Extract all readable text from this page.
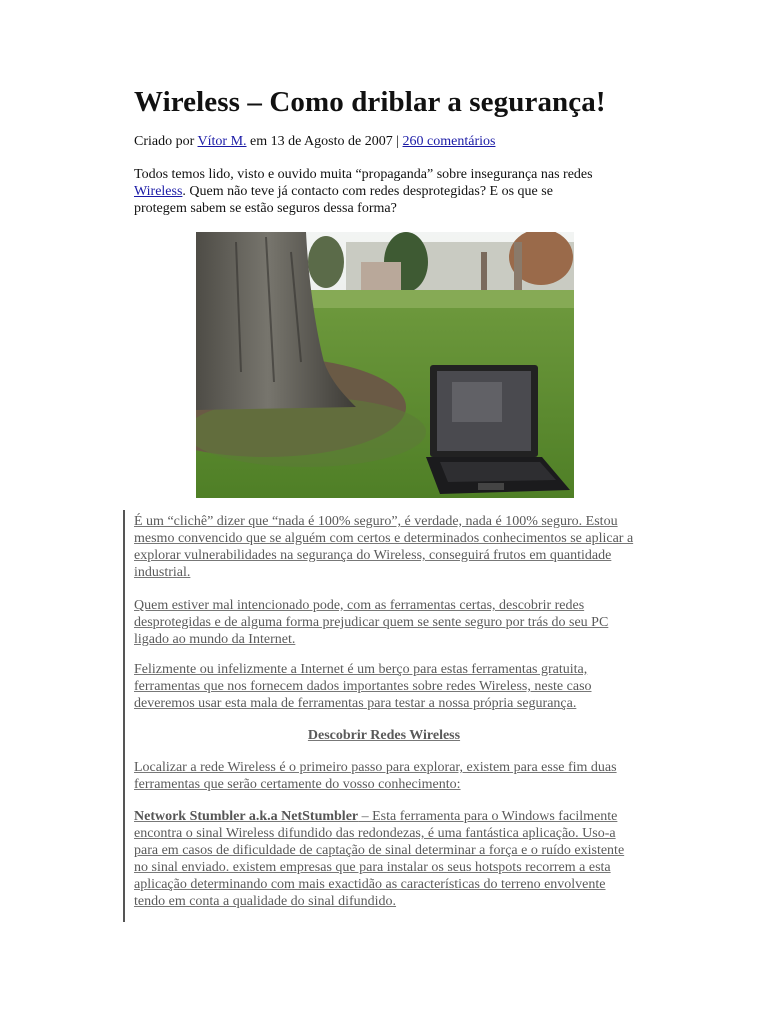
Wireless – Como driblar a segurança!
Criado por Vítor M. em 13 de Agosto de 2007 | 260 comentários
Todos temos lido, visto e ouvido muita “propaganda” sobre insegurança nas redes Wireless. Quem não teve já contacto com redes desprotegidas? E os que se protegem sabem se estão seguros dessa forma?
É um “clichê” dizer que “nada é 100% seguro”, é verdade, nada é 100% seguro. Estou mesmo convencido que se alguém com certos e determinados conhecimentos se aplicar a explorar vulnerabilidades na segurança do Wireless, conseguirá frutos em quantidade industrial.
Quem estiver mal intencionado pode, com as ferramentas certas, descobrir redes desprotegidas e de alguma forma prejudicar quem se sente seguro por trás do seu PC ligado ao mundo da Internet.
Felizmente ou infelizmente a Internet é um berço para estas ferramentas gratuita, ferramentas que nos fornecem dados importantes sobre redes Wireless, neste caso deveremos usar esta mala de ferramentas para testar a nossa própria segurança.
Descobrir Redes Wireless
Localizar a rede Wireless é o primeiro passo para explorar, existem para esse fim duas ferramentas que serão certamente do vosso conhecimento:
Network Stumbler a.k.a NetStumbler – Esta ferramenta para o Windows facilmente encontra o sinal Wireless difundido das redondezas, é uma fantástica aplicação. Uso-a para em casos de dificuldade de captação de sinal determinar a força e o ruído existente no sinal enviado. existem empresas que para instalar os seus hotspots recorrem a esta aplicação determinando com mais exactidão as características do terreno envolvente tendo em conta a qualidade do sinal difundido.
